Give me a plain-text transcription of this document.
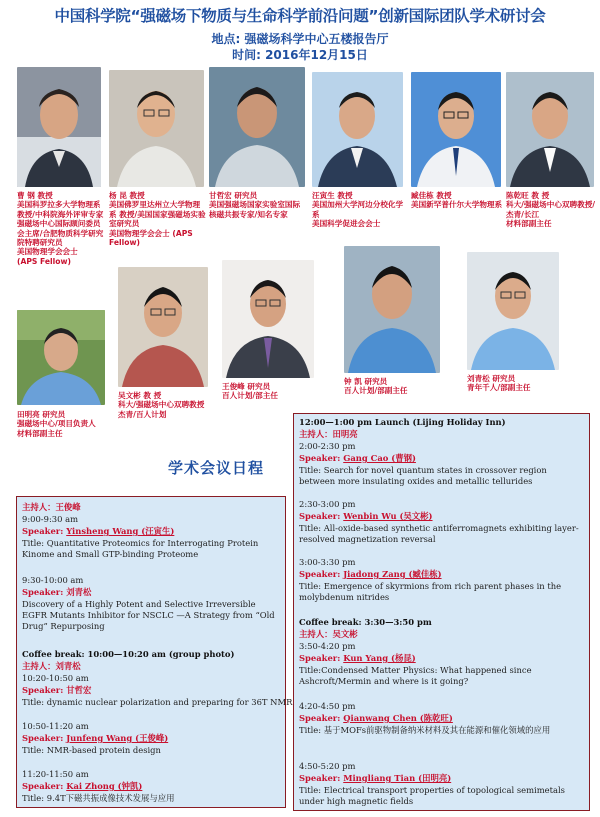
中国科学院“强磁场下物质与生命科学前沿问题”创新国际团队学术研讨会
地点: 强磁场科学中心五楼报告厅
时间: 2016年12月15日
曹 钢 教授
美国科罗拉多大学物理系 教授/中科院海外评审专家
强磁场中心国际顾问委员会主席/合肥物质科学研究院特聘研究员
美国物理学会会士
(APS Fellow)
杨 昆 教授
美国佛罗里达州立大学物理系 教授/美国国家强磁场实验室研究员
美国物理学会会士 (APS Fellow)
甘哲宏 研究员
美国强磁场国家实验室国际核磁共振专家/知名专家
汪寅生 教授
美国加州大学河边分校化学系
美国科学促进会会士
臧佳栋 教授
美国新罕普什尔大学物理系
陈乾旺 教 授
科大/强磁场中心双聘教授/杰青/长江
材料部副主任
田明亮 研究员
强磁场中心/项目负责人
材料部副主任
吴文彬 教 授
科大/强磁场中心双聘教授
杰青/百人计划
王俊峰 研究员
百人计划/部主任
钟 凯 研究员
百人计划/部副主任
刘青松 研究员
青年千人/部副主任
学术会议日程
主持人：王俊峰
9:00-9:30 am
Speaker: Yinsheng Wang (汪寅生)
Title: Quantitative Proteomics for Interrogating Protein Kinome and Small GTP-binding Proteome
9:30-10:00 am
Speaker: 刘青松
Discovery of a Highly Potent and Selective Irreversible EGFR Mutants Inhibitor for NSCLC —A Strategy from “Old Drug” Repurposing
Coffee break: 10:00—10:20 am (group photo)
主持人：刘青松
10:20-10:50 am
Speaker: 甘哲宏
Title: dynamic nuclear polarization and preparing for 36T NMR
10:50-11:20 am
Speaker: Junfeng Wang (王俊峰)
Title: NMR-based protein design
11:20-11:50 am
Speaker: Kai Zhong (钟凯)
Title: 9.4T下磁共振成像技术发展与应用
12:00—1:00 pm Launch (Lijing Holiday Inn)
主持人：田明亮
2:00-2:30 pm
Speaker: Gang Cao (曹钢)
Title: Search for novel quantum states in crossover region between more insulating oxides and metallic tellurides
2:30-3:00 pm
Speaker: Wenbin Wu (吴文彬)
Title: All-oxide-based synthetic antiferromagnets exhibiting layer-resolved magnetization reversal
3:00-3:30 pm
Speaker: Jiadong Zang (臧佳栋)
Title: Emergence of skyrmions from rich parent phases in the molybdenum nitrides
Coffee break: 3:30—3:50 pm
主持人：吴文彬
3:50-4:20 pm
Speaker: Kun Yang (杨昆)
Title:Condensed Matter Physics: What happened since Ashcroft/Mermin and where is it going?
4:20-4:50 pm
Speaker: Qianwang Chen (陈乾旺)
Title: 基于MOFs前驱物制备纳米材料及其在能源和催化领域的应用
4:50-5:20 pm
Speaker: Mingliang Tian (田明亮)
Title: Electrical transport properties of topological semimetals under high magnetic fields
